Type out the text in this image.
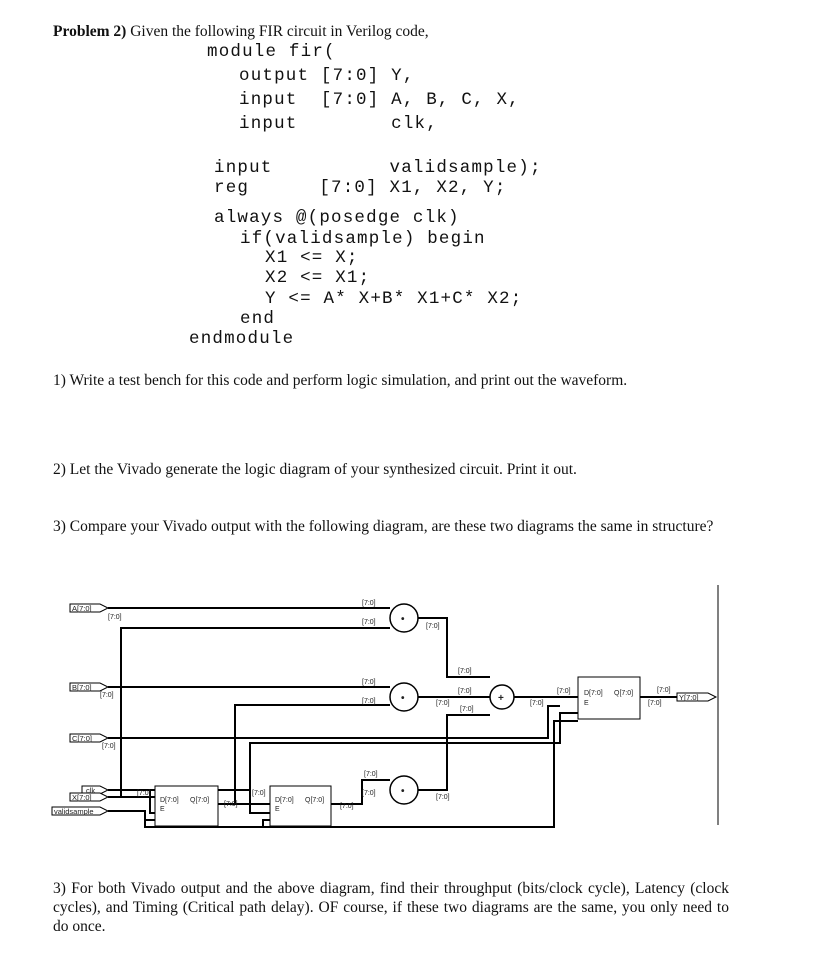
Problem 2) Given the following FIR circuit in Verilog code,
module fir(
output [7:0] Y,
input  [7:0] A, B, C, X,
input        clk,
input          validsample);
reg      [7:0] X1, X2, Y;
always @(posedge clk)
if(validsample) begin
X1 <= X;
X2 <= X1;
Y <= A* X+B* X1+C* X2;
end
endmodule
1) Write a test bench for this code and perform logic simulation, and print out the waveform.
2) Let the Vivado generate the logic diagram of your synthesized circuit. Print it out.
3) Compare your Vivado output with the following diagram, are these two diagrams the same in structure?
3) For both Vivado output and the above diagram, find their throughput (bits/clock cycle), Latency (clock cycles), and Timing (Critical path delay). OF course, if these two diagrams are the same, you only need to do once.
A[7:0]
B[7:0]
C[7:0]
clk
X[7:0]
validsample
Y[7:0]
•
•
•
+
D[7:0] Q[7:0]
E
D[7:0] Q[7:0]
E
D[7:0] Q[7:0]
E
[7:0]
[7:0]
[7:0]
[7:0]
[7:0]
[7:0]
[7:0]
[7:0]
[7:0]
[7:0]
[7:0]
[7:0]
[7:0]	[7:0]
[7:0]
[7:0]
[7:0]
[7:0]
[7:0]
[7:0]
[7:0]
[7:0]
[7:0]
